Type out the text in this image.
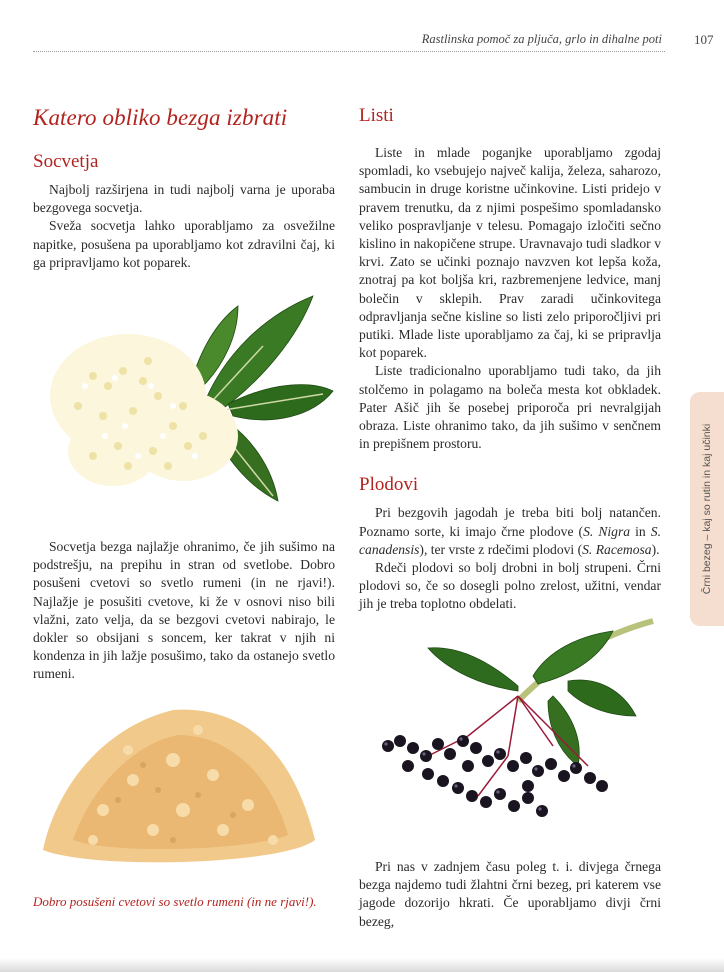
Rastlinska pomoč za pljuča, grlo in dihalne poti 107
Katero obliko bezga izbrati
Socvetja

Najbolj razširjena in tudi najbolj varna je uporaba bezgovega socvetja.

Sveža socvetja lahko uporabljamo za osvežilne napitke, posušena pa uporabljamo kot zdravilni čaj, ki ga pripravljamo kot poparek.

Socvetja bezga najlažje ohranimo, če jih sušimo na podstrešju, na prepihu in stran od svetlobe. Dobro posušeni cvetovi so svetlo rumeni (in ne rjavi!). Najlažje je posušiti cvetove, ki že v osnovi niso bili vlažni, zato velja, da se bezgovi cvetovi nabirajo, le dokler so obsijani s soncem, ker takrat v njih ni kondenza in jih lažje posušimo, tako da ostanejo svetlo rumeni.

Dobro posušeni cvetovi so svetlo rumeni (in ne rjavi!).
Listi

Liste in mlade poganjke uporabljamo zgodaj spomladi, ko vsebujejo največ kalija, železa, saharozo, sambucin in druge koristne učinkovine. Listi pridejo v pravem trenutku, da z njimi pospešimo spomladansko veliko pospravljanje v telesu. Pomagajo izločiti sečno kislino in nakopičene strupe. Uravnavajo tudi sladkor v krvi. Zato se učinki poznajo navzven kot lepša koža, znotraj pa kot boljša kri, razbremenjene ledvice, manj bolečin v sklepih. Prav zaradi učinkovitega odpravljanja sečne kisline so listi zelo priporočljivi pri putiki. Mlade liste uporabljamo za čaj, ki se pripravlja kot poparek.

Liste tradicionalno uporabljamo tudi tako, da jih stolčemo in polagamo na boleča mesta kot obkladek. Pater Ašič jih še posebej priporoča pri nevralgijah obraza. Liste ohranimo tako, da jih sušimo v senčnem in prepišnem prostoru.

Plodovi

Pri bezgovih jagodah je treba biti bolj natančen. Poznamo sorte, ki imajo črne plodove (S. Nigra in S. canadensis), ter vrste z rdečimi plodovi (S. Racemosa).

Rdeči plodovi so bolj drobni in bolj strupeni. Črni plodovi so, če so dosegli polno zrelost, užitni, vendar jih je treba toplotno obdelati.

Pri nas v zadnjem času poleg t. i. divjega črnega bezga najdemo tudi žlahtni črni bezeg, pri katerem vse jagode dozorijo hkrati. Če uporabljamo divji črni bezeg,

Črni bezeg – kaj so rutin in kaj učinki
